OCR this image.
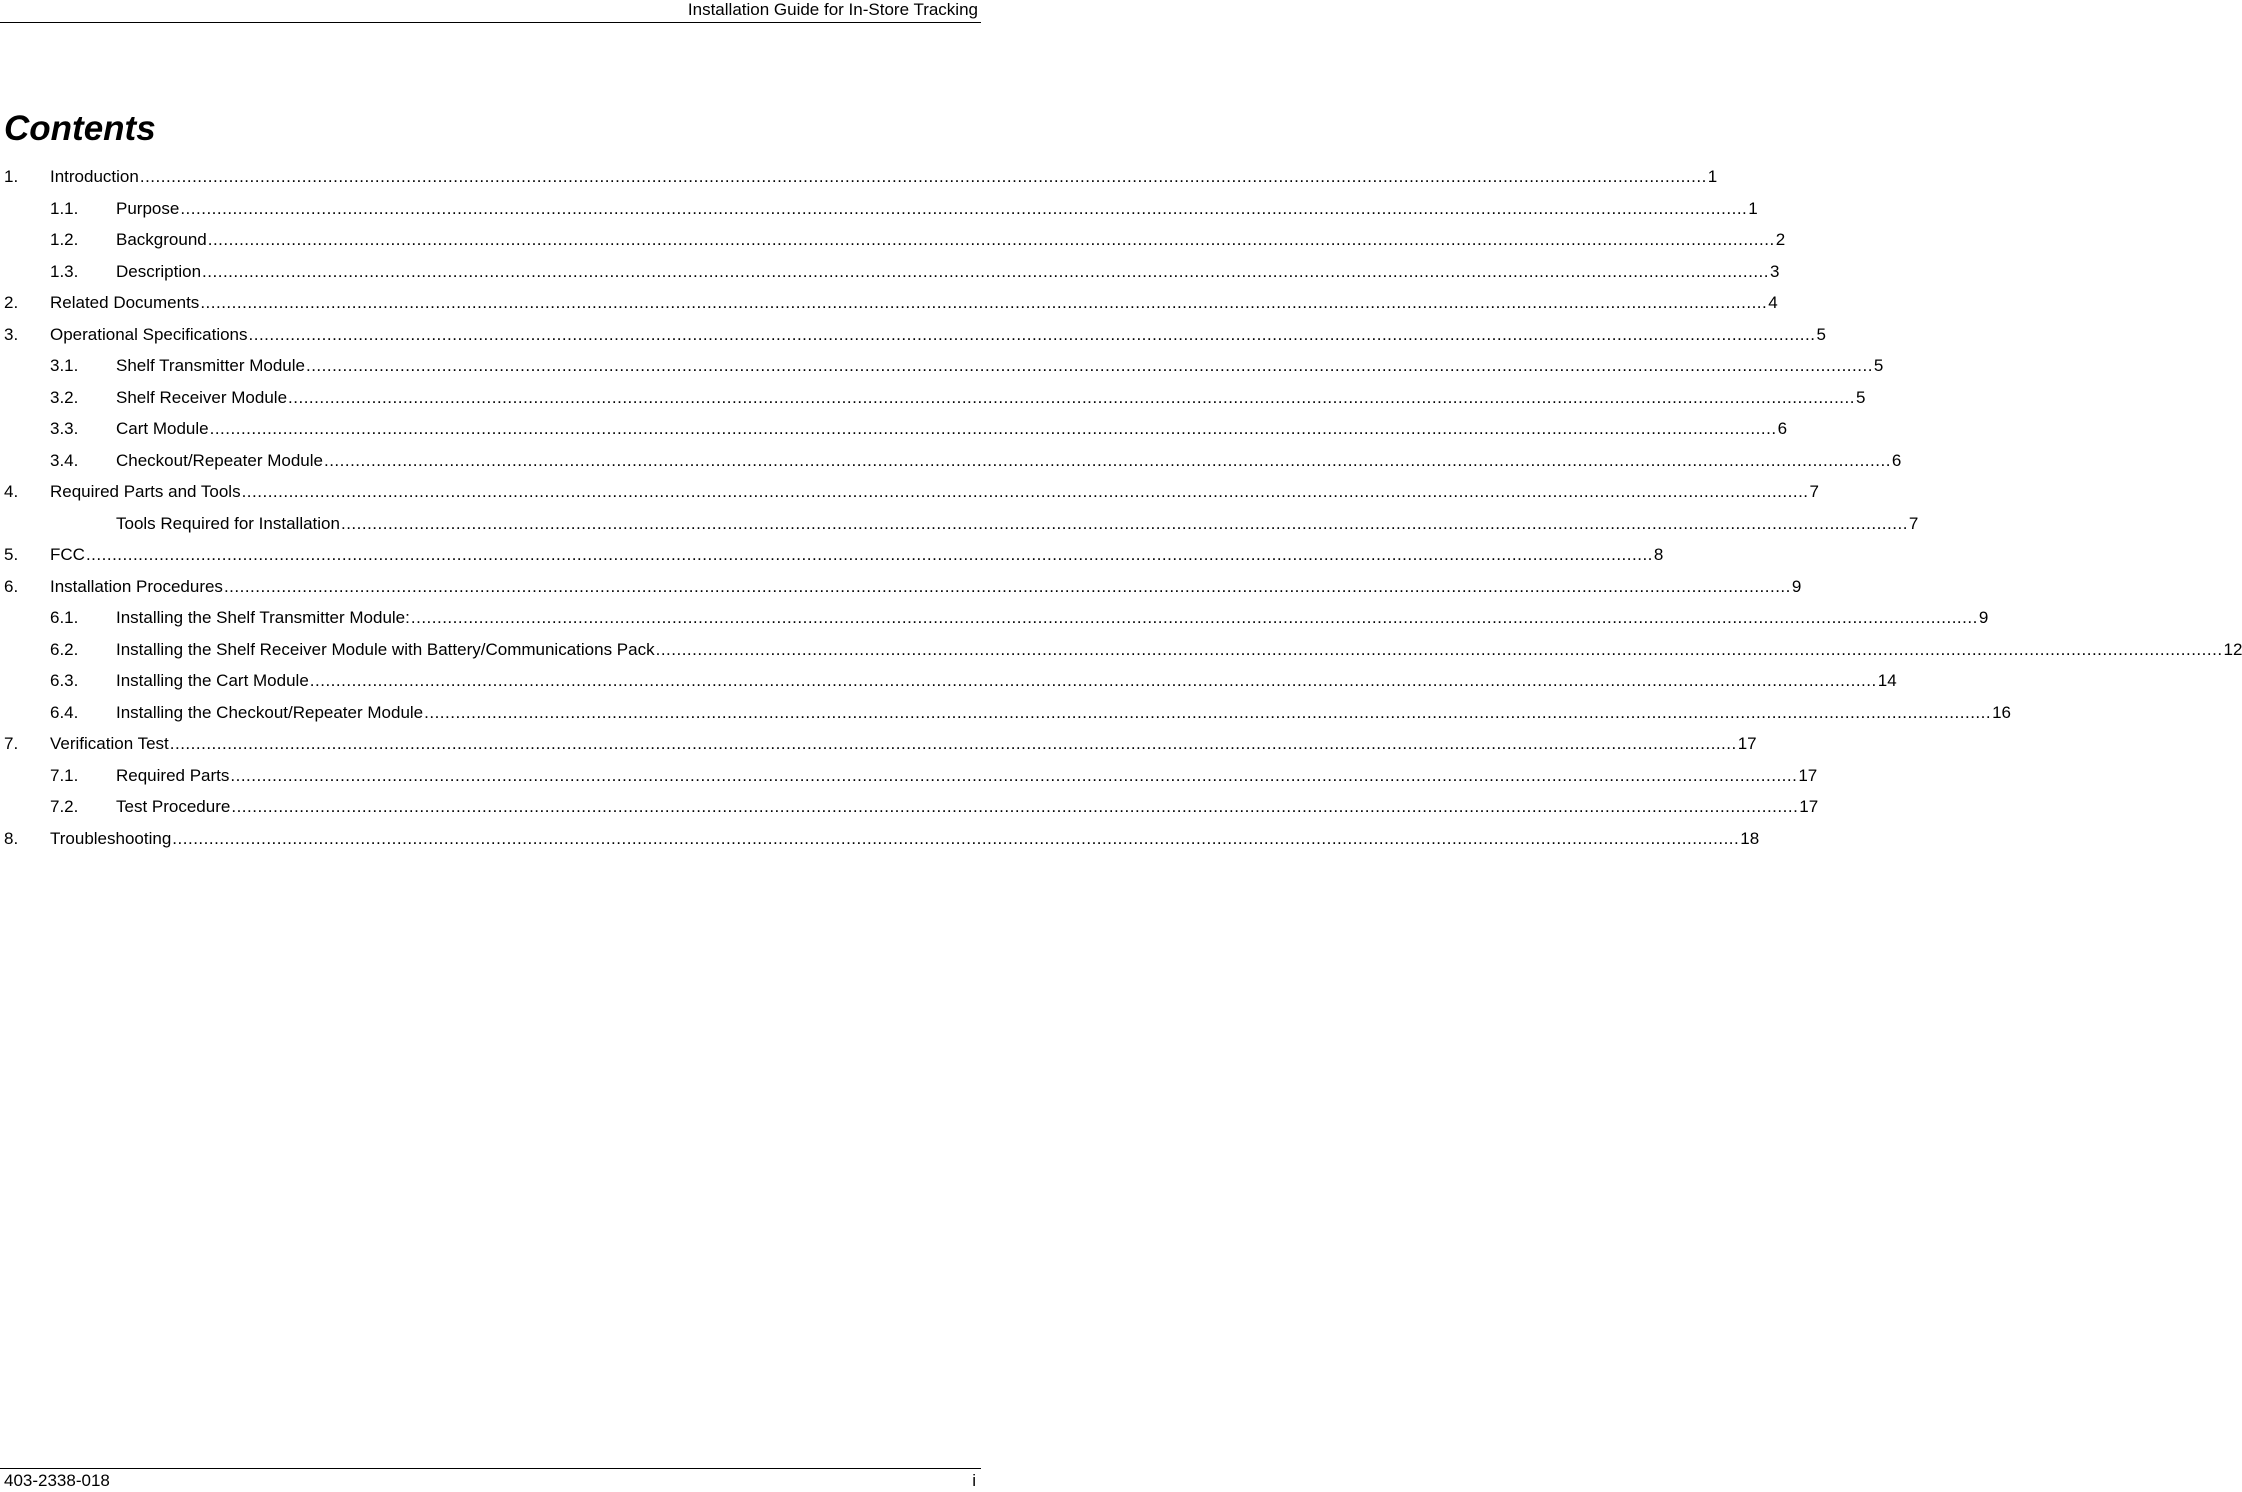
Installation Guide for In-Store Tracking
Contents
1. Introduction ............................................................................................................................................................................................................................................................................................................ 1
1.1. Purpose ............................................................................................................................................................................................................................................................................................................ 1
1.2. Background ............................................................................................................................................................................................................................................................................................................ 2
1.3. Description ............................................................................................................................................................................................................................................................................................................ 3
2. Related Documents ............................................................................................................................................................................................................................................................................................................ 4
3. Operational Specifications ............................................................................................................................................................................................................................................................................................................ 5
3.1. Shelf Transmitter Module ............................................................................................................................................................................................................................................................................................................ 5
3.2. Shelf Receiver Module ............................................................................................................................................................................................................................................................................................................ 5
3.3. Cart Module ............................................................................................................................................................................................................................................................................................................ 6
3.4. Checkout/Repeater Module ............................................................................................................................................................................................................................................................................................................ 6
4. Required Parts and Tools ............................................................................................................................................................................................................................................................................................................ 7
Tools Required for Installation ............................................................................................................................................................................................................................................................................................................ 7
5. FCC ............................................................................................................................................................................................................................................................................................................ 8
6. Installation Procedures ............................................................................................................................................................................................................................................................................................................ 9
6.1. Installing the Shelf Transmitter Module: ............................................................................................................................................................................................................................................................................................................ 9
6.2. Installing the Shelf Receiver Module with Battery/Communications Pack ............................................................................................................................................................................................................................................................................................................ 12
6.3. Installing the Cart Module ............................................................................................................................................................................................................................................................................................................ 14
6.4. Installing the Checkout/Repeater Module ............................................................................................................................................................................................................................................................................................................ 16
7. Verification Test ............................................................................................................................................................................................................................................................................................................ 17
7.1. Required Parts ............................................................................................................................................................................................................................................................................................................ 17
7.2. Test Procedure ............................................................................................................................................................................................................................................................................................................ 17
8. Troubleshooting ............................................................................................................................................................................................................................................................................................................ 18
403-2338-018	i
